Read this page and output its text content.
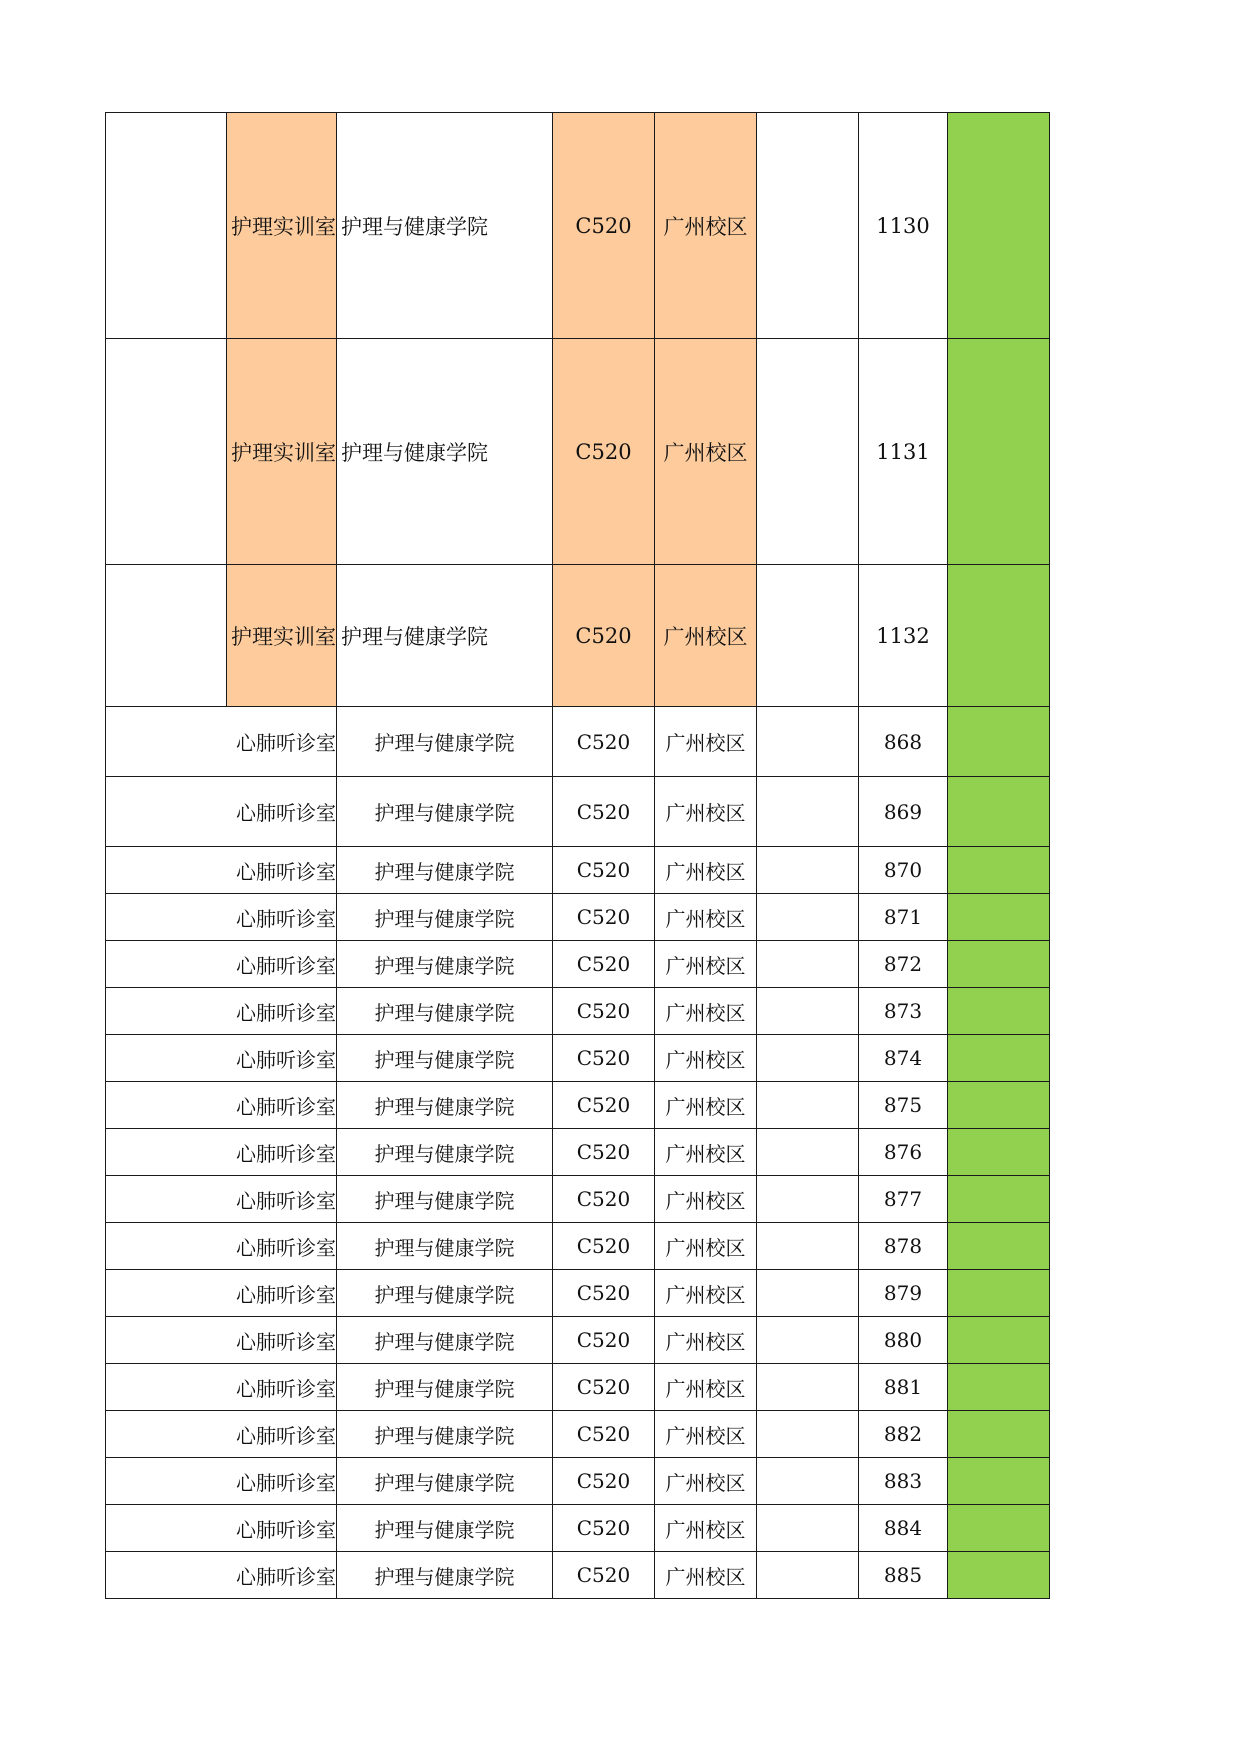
	护理实训室	护理与健康学院	C520	广州校区		1130	
	护理实训室	护理与健康学院	C520	广州校区		1131	
	护理实训室	护理与健康学院	C520	广州校区		1132	
	心肺听诊室	护理与健康学院	C520	广州校区		868	
	心肺听诊室	护理与健康学院	C520	广州校区		869	
	心肺听诊室	护理与健康学院	C520	广州校区		870	
	心肺听诊室	护理与健康学院	C520	广州校区		871	
	心肺听诊室	护理与健康学院	C520	广州校区		872	
	心肺听诊室	护理与健康学院	C520	广州校区		873	
	心肺听诊室	护理与健康学院	C520	广州校区		874	
	心肺听诊室	护理与健康学院	C520	广州校区		875	
	心肺听诊室	护理与健康学院	C520	广州校区		876	
	心肺听诊室	护理与健康学院	C520	广州校区		877	
	心肺听诊室	护理与健康学院	C520	广州校区		878	
	心肺听诊室	护理与健康学院	C520	广州校区		879	
	心肺听诊室	护理与健康学院	C520	广州校区		880	
	心肺听诊室	护理与健康学院	C520	广州校区		881	
	心肺听诊室	护理与健康学院	C520	广州校区		882	
	心肺听诊室	护理与健康学院	C520	广州校区		883	
	心肺听诊室	护理与健康学院	C520	广州校区		884	
	心肺听诊室	护理与健康学院	C520	广州校区		885	
